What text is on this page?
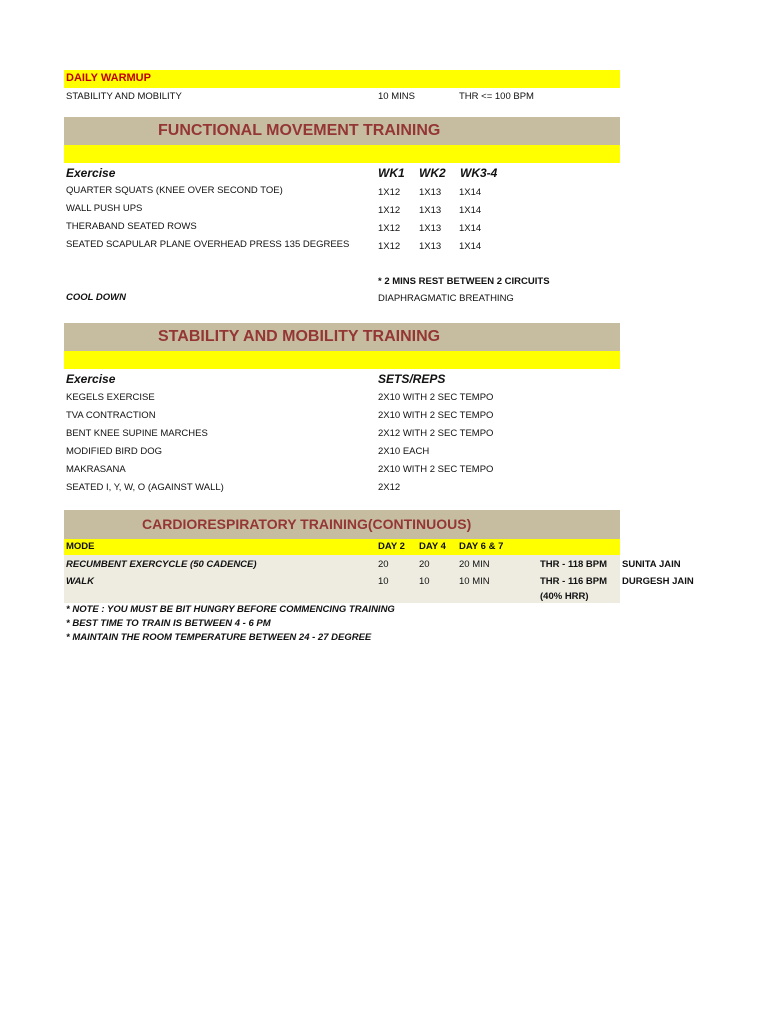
DAILY WARMUP
STABILITY AND MOBILITY	10 MINS	THR <= 100 BPM
FUNCTIONAL MOVEMENT TRAINING
Exercise	WK1 WK2 WK3-4
QUARTER SQUATS (KNEE OVER SECOND TOE)	1X12 1X13 1X14
WALL PUSH UPS	1X12 1X13 1X14
THERABAND SEATED ROWS	1X12 1X13 1X14
SEATED SCAPULAR PLANE OVERHEAD PRESS 135 DEGREES	1X12 1X13 1X14
* 2 MINS REST BETWEEN 2 CIRCUITS
COOL DOWN	DIAPHRAGMATIC BREATHING
STABILITY AND MOBILITY TRAINING
Exercise	SETS/REPS
KEGELS EXERCISE	2X10 WITH 2 SEC TEMPO
TVA CONTRACTION	2X10 WITH 2 SEC TEMPO
BENT KNEE SUPINE MARCHES	2X12 WITH 2 SEC TEMPO
MODIFIED BIRD DOG	2X10 EACH
MAKRASANA	2X10 WITH 2 SEC TEMPO
SEATED I, Y, W, O (AGAINST WALL)	2X12
CARDIORESPIRATORY TRAINING(CONTINUOUS)
MODE	DAY 2 DAY 4 DAY 6 & 7
RECUMBENT EXERCYCLE (50 CADENCE)	20	20	20 MIN	THR - 118 BPM SUNITA JAIN
WALK	10	10	10 MIN	THR - 116 BPM DURGESH JAIN
(40% HRR)
* NOTE : YOU MUST BE BIT HUNGRY BEFORE COMMENCING TRAINING
* BEST TIME TO TRAIN IS BETWEEN 4 - 6 PM
* MAINTAIN THE ROOM TEMPERATURE BETWEEN 24 - 27 DEGREE
